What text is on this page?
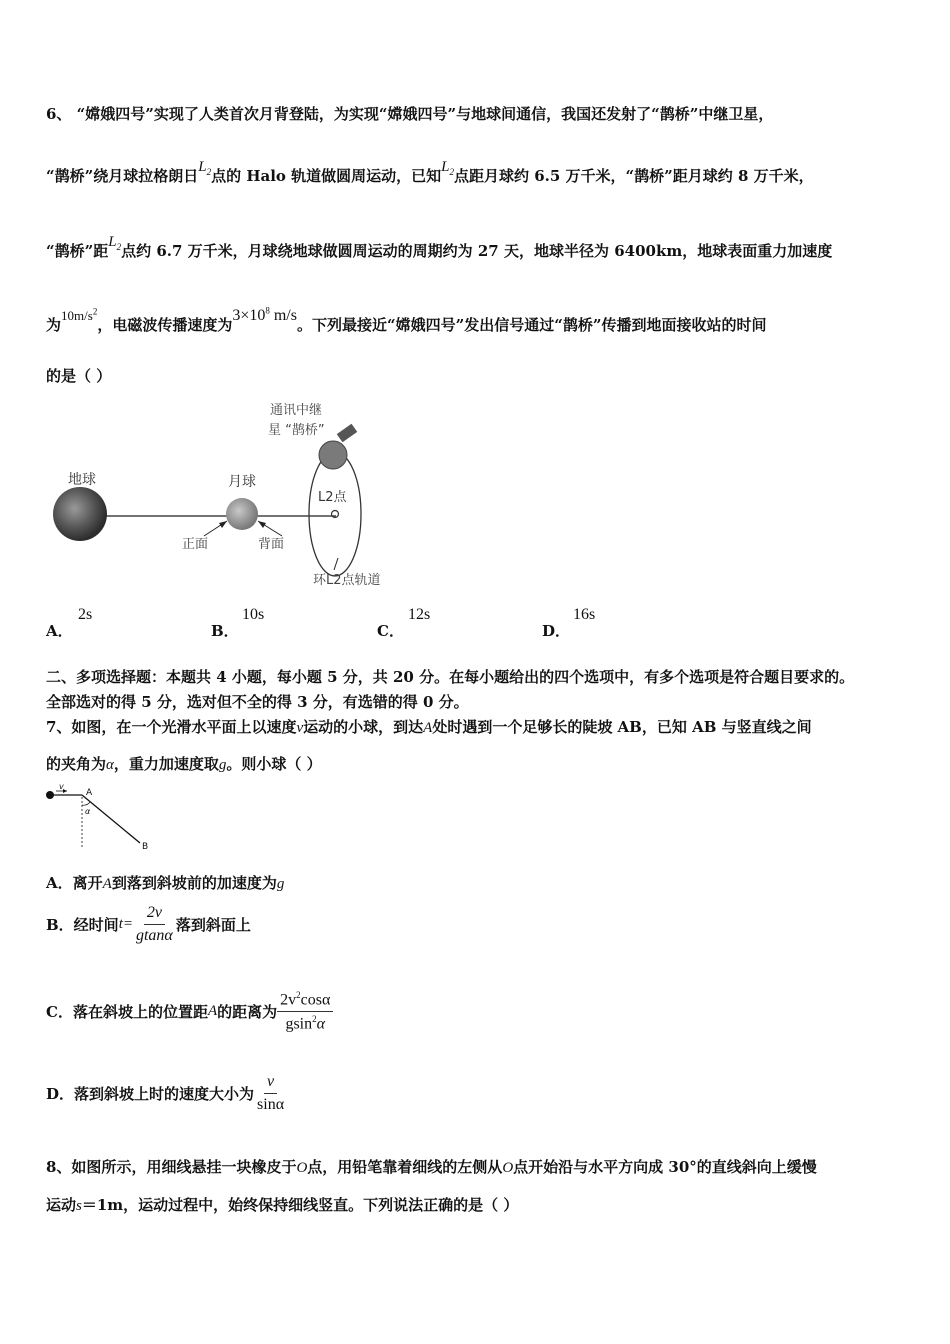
6、 “嫦娥四号”实现了人类首次月背登陆，为实现“嫦娥四号”与地球间通信，我国还发射了“鹊桥”中继卫星，
“鹊桥”绕月球拉格朗日$L_2$点的 Halo 轨道做圆周运动，已知$L_2$点距月球约 6.5 万千米，“鹊桥”距月球约 8 万千米，
“鹊桥”距$L_2$点约 6.7 万千米，月球绕地球做圆周运动的周期约为 27 天，地球半径为 6400km，地球表面重力加速度
为$10m/s^2$，电磁波传播速度为$3\times 10^8$ m/s。下列最接近“嫦娥四号”发出信号通过“鹊桥”传播到地面接收站的时间
的是（ ）
地球	月球
L2点
通讯中继
星 “鹊桥”
正面	背面
环L2点轨道
A．
2s
B．
10s
C．
12s
D．
16s
二、多项选择题：本题共 4 小题，每小题 5 分，共 20 分。在每小题给出的四个选项中，有多个选项是符合题目要求的。
全部选对的得 5 分，选对但不全的得 3 分，有选错的得 0 分。
7、如图，在一个光滑水平面上以速度v运动的小球，到达A处时遇到一个足够长的陡坡 AB，已知 AB 与竖直线之间
的夹角为α，重力加速度取g。则小球（ ）
v
A
α
B
A．离开A到落到斜坡前的加速度为g
B．经时间 $t= \frac{2v}{gtan\alpha}$ 落到斜面上
C．落在斜坡上的位置距 A 的距离为 $\frac{2v^2\cos\alpha}{gsin^2\alpha}$
D．落到斜坡上时的速度大小为 $\frac{v}{\sin\alpha}$
8、如图所示，用细线悬挂一块橡皮于O点，用铅笔靠着细线的左侧从O点开始沿与水平方向成 30°的直线斜向上缓慢
运动s＝1m，运动过程中，始终保持细线竖直。下列说法正确的是（ ）
